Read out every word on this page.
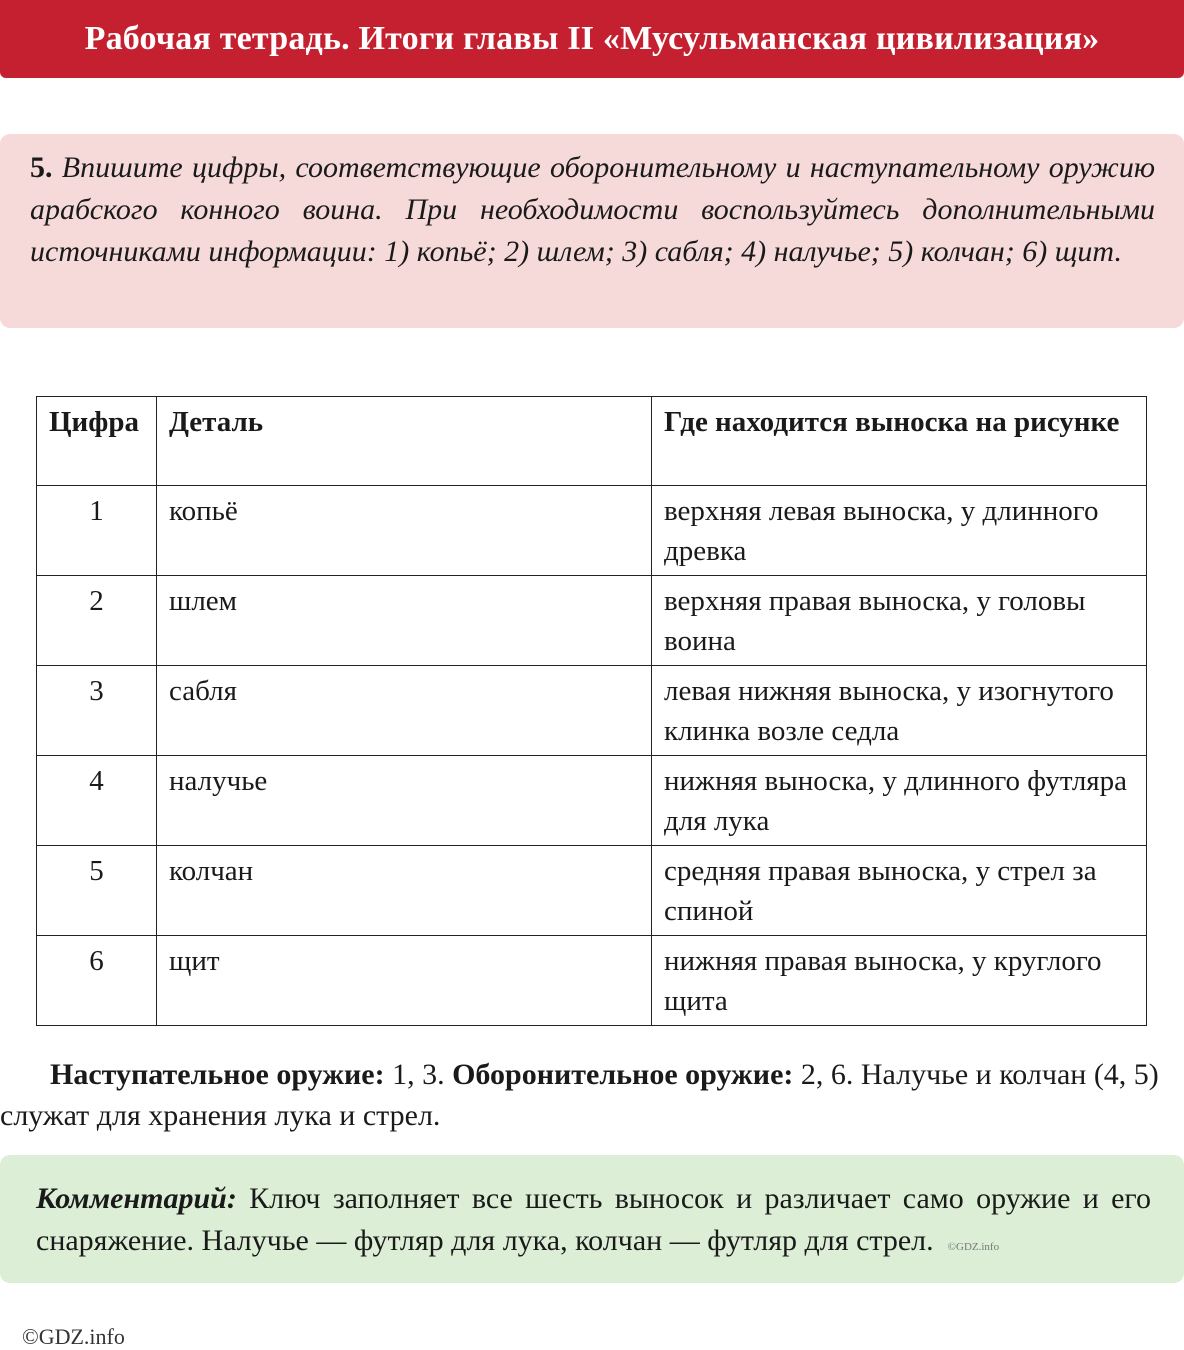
Рабочая тетрадь. Итоги главы II «Мусульманская цивилизация»
5. Впишите цифры, соответствующие оборонительному и наступательному оружию арабского конного воина. При необходимости воспользуйтесь дополнительными источниками информации: 1) копьё; 2) шлем; 3) сабля; 4) налучье; 5) колчан; 6) щит.
Цифра	Деталь	Где находится выноска на рисунке
1	копьё	верхняя левая выноска, у длинного древка
2	шлем	верхняя правая выноска, у головы воина
3	сабля	левая нижняя выноска, у изогнутого клинка возле седла
4	налучье	нижняя выноска, у длинного футляра для лука
5	колчан	средняя правая выноска, у стрел за спиной
6	щит	нижняя правая выноска, у круглого щита
Наступательное оружие: 1, 3. Оборонительное оружие: 2, 6. Налучье и колчан (4, 5) служат для хранения лука и стрел.
Комментарий: Ключ заполняет все шесть выносок и различает само оружие и его снаряжение. Налучье — футляр для лука, колчан — футляр для стрел. ©GDZ.info
©GDZ.info
